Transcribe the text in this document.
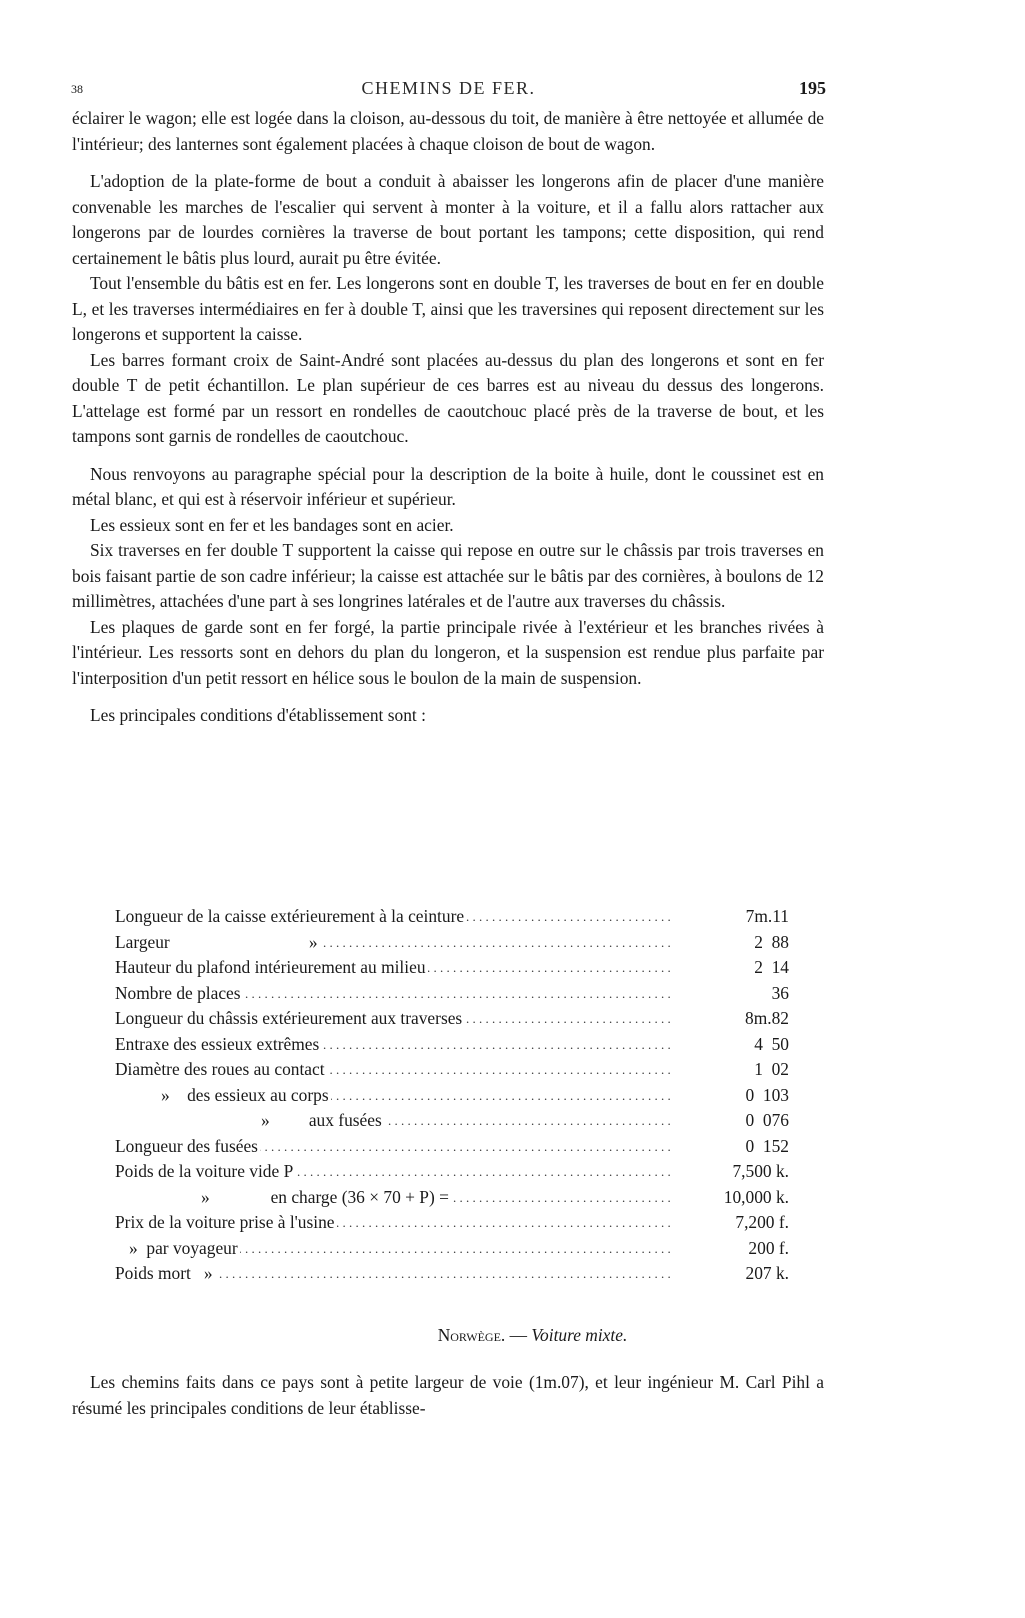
38	CHEMINS DE FER.	195

éclairer le wagon; elle est logée dans la cloison, au-dessous du toit, de manière à être nettoyée et allumée de l'intérieur; des lanternes sont également placées à chaque cloison de bout de wagon.

L'adoption de la plate-forme de bout a conduit à abaisser les longerons afin de placer d'une manière convenable les marches de l'escalier qui servent à monter à la voiture, et il a fallu alors rattacher aux longerons par de lourdes cornières la traverse de bout portant les tampons; cette disposition, qui rend certainement le bâtis plus lourd, aurait pu être évitée.

Tout l'ensemble du bâtis est en fer. Les longerons sont en double T, les traverses de bout en fer en double L, et les traverses intermédiaires en fer à double T, ainsi que les traversines qui reposent directement sur les longerons et supportent la caisse.

Les barres formant croix de Saint-André sont placées au-dessus du plan des longerons et sont en fer double T de petit échantillon. Le plan supérieur de ces barres est au niveau du dessus des longerons. L'attelage est formé par un ressort en rondelles de caoutchouc placé près de la traverse de bout, et les tampons sont garnis de rondelles de caoutchouc.

Nous renvoyons au paragraphe spécial pour la description de la boite à huile, dont le coussinet est en métal blanc, et qui est à réservoir inférieur et supérieur.

Les essieux sont en fer et les bandages sont en acier.

Six traverses en fer double T supportent la caisse qui repose en outre sur le châssis par trois traverses en bois faisant partie de son cadre inférieur; la caisse est attachée sur le bâtis par des cornières, à boulons de 12 millimètres, attachées d'une part à ses longrines latérales et de l'autre aux traverses du châssis.

Les plaques de garde sont en fer forgé, la partie principale rivée à l'extérieur et les branches rivées à l'intérieur. Les ressorts sont en dehors du plan du longeron, et la suspension est rendue plus parfaite par l'interposition d'un petit ressort en hélice sous le boulon de la main de suspension.

Les principales conditions d'établissement sont :

Longueur de la caisse extérieurement à la ceinture . . .	7m.11
Largeur                                » . . .	2  88
Hauteur du plafond intérieurement au milieu . . .	2  14
Nombre de places . . .	36
Longueur du châssis extérieurement aux traverses . . .	8m.82
Entraxe des essieux extrêmes . . .	4  50
Diamètre des roues au contact . . .	1  02
»    des essieux au corps . . .	0  103
»         aux fusées . . .	0  076
Longueur des fusées . . .	0  152
Poids de la voiture vide P . . .	7,500 k.
»              en charge (36 × 70 + P) = . . .	10,000 k.
Prix de la voiture prise à l'usine . . .	7,200 f.
»  par voyageur . . .	200 f.
Poids mort   » . . .	207 k.
Norwège. — Voiture mixte.

Les chemins faits dans ce pays sont à petite largeur de voie (1m.07), et leur ingénieur M. Carl Pihl a résumé les principales conditions de leur établisse-
